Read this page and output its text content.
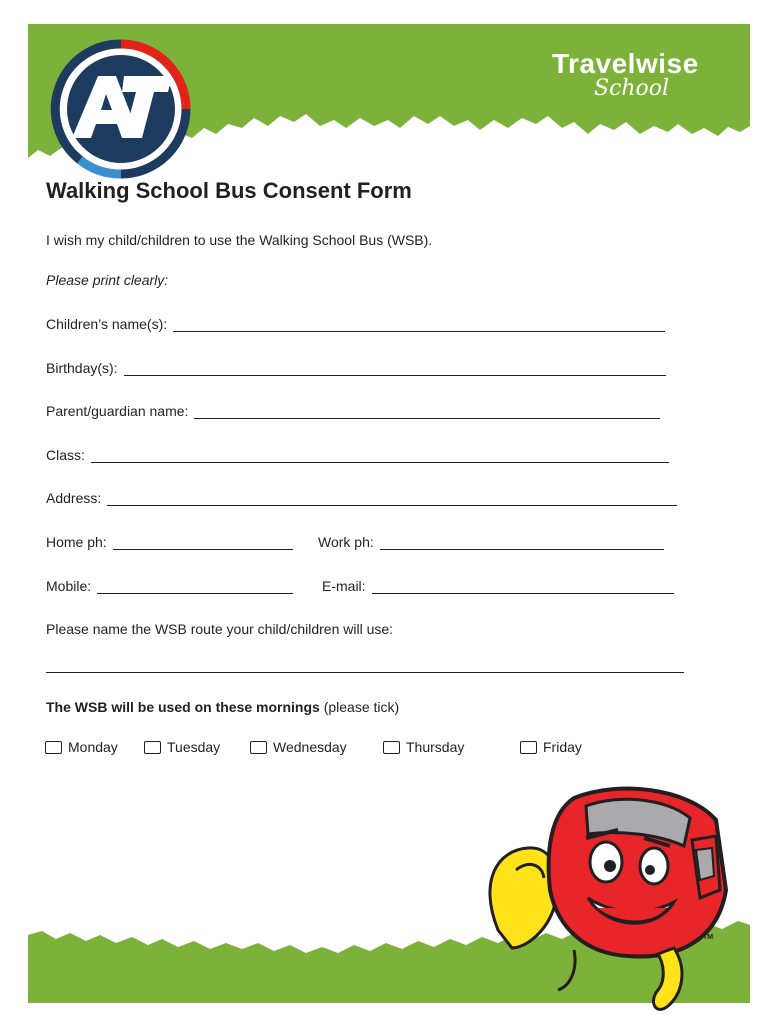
Travelwise
School
Walking School Bus Consent Form
I wish my child/children to use the Walking School Bus (WSB).
Please print clearly:
Children’s name(s):
Birthday(s):
Parent/guardian name:
Class:
Address:
Home ph:	Work ph:
Mobile:	E-mail:
Please name the WSB route your child/children will use:
The WSB will be used on these mornings (please tick)
Monday	Tuesday	Wednesday	Thursday	Friday
TM
